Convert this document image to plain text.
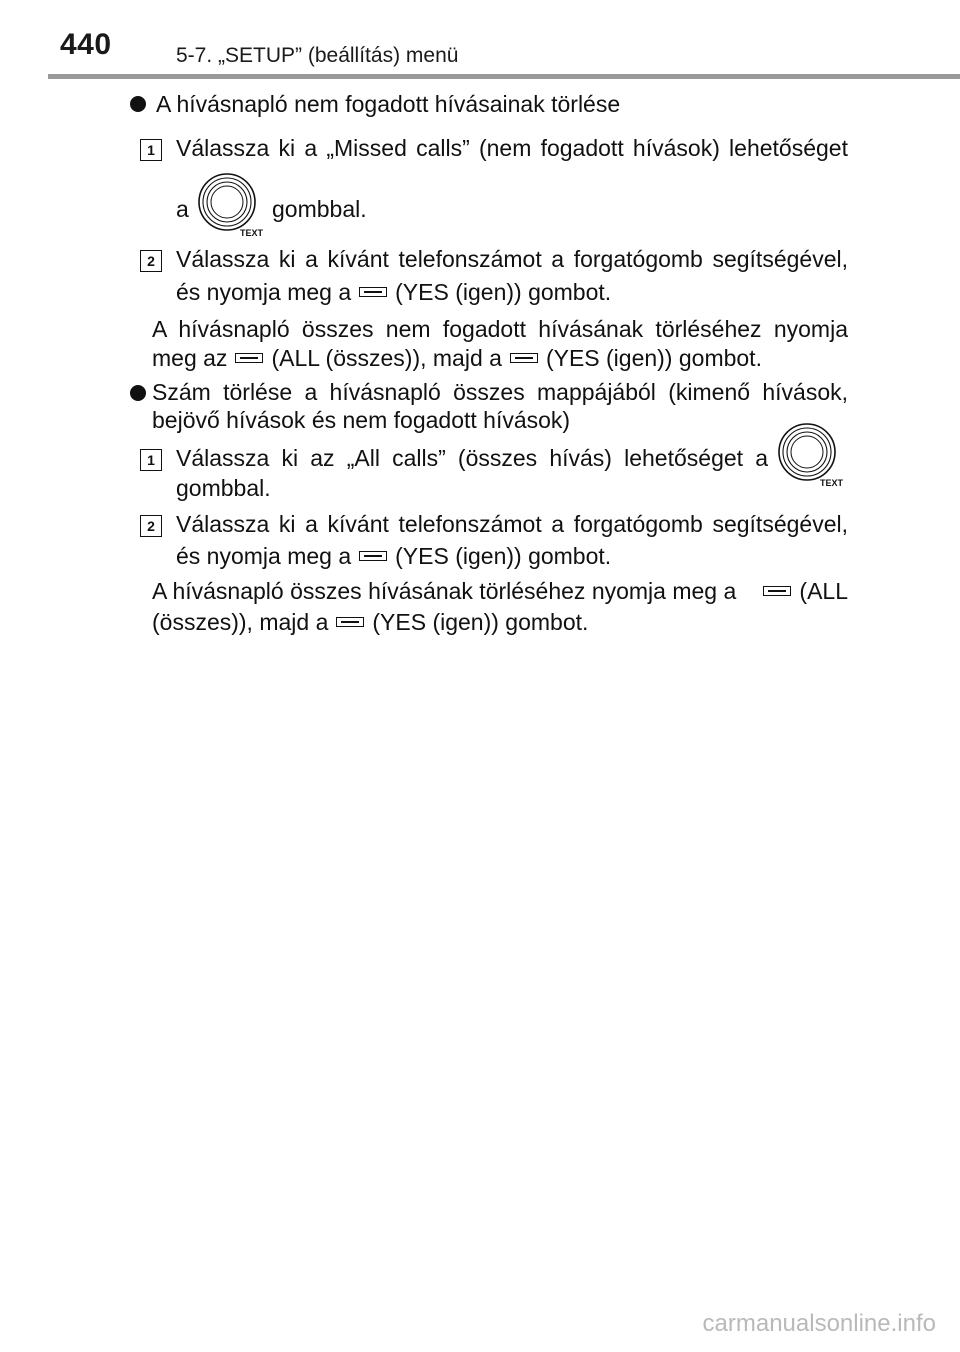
440	5-7. „SETUP” (beállítás) menü
A hívásnapló nem fogadott hívásainak törlése
1 Válassza ki a „Missed calls” (nem fogadott hívások) lehetőséget
a
TEXT
gombbal.
2 Válassza ki a kívánt telefonszámot a forgatógomb segítségével,
és nyomja meg a (YES (igen)) gombot.
A hívásnapló összes nem fogadott hívásának törléséhez nyomja
meg az (ALL (összes)), majd a (YES (igen)) gombot.
Szám törlése a hívásnapló összes mappájából (kimenő hívások,
bejövő hívások és nem fogadott hívások)
1 Válassza ki az „All calls” (összes hívás) lehetőséget a
TEXT
gombbal.
2 Válassza ki a kívánt telefonszámot a forgatógomb segítségével,
és nyomja meg a (YES (igen)) gombot.
A hívásnapló összes hívásának törléséhez nyomja meg a	(ALL
(összes)), majd a (YES (igen)) gombot.
carmanualsonline.info
